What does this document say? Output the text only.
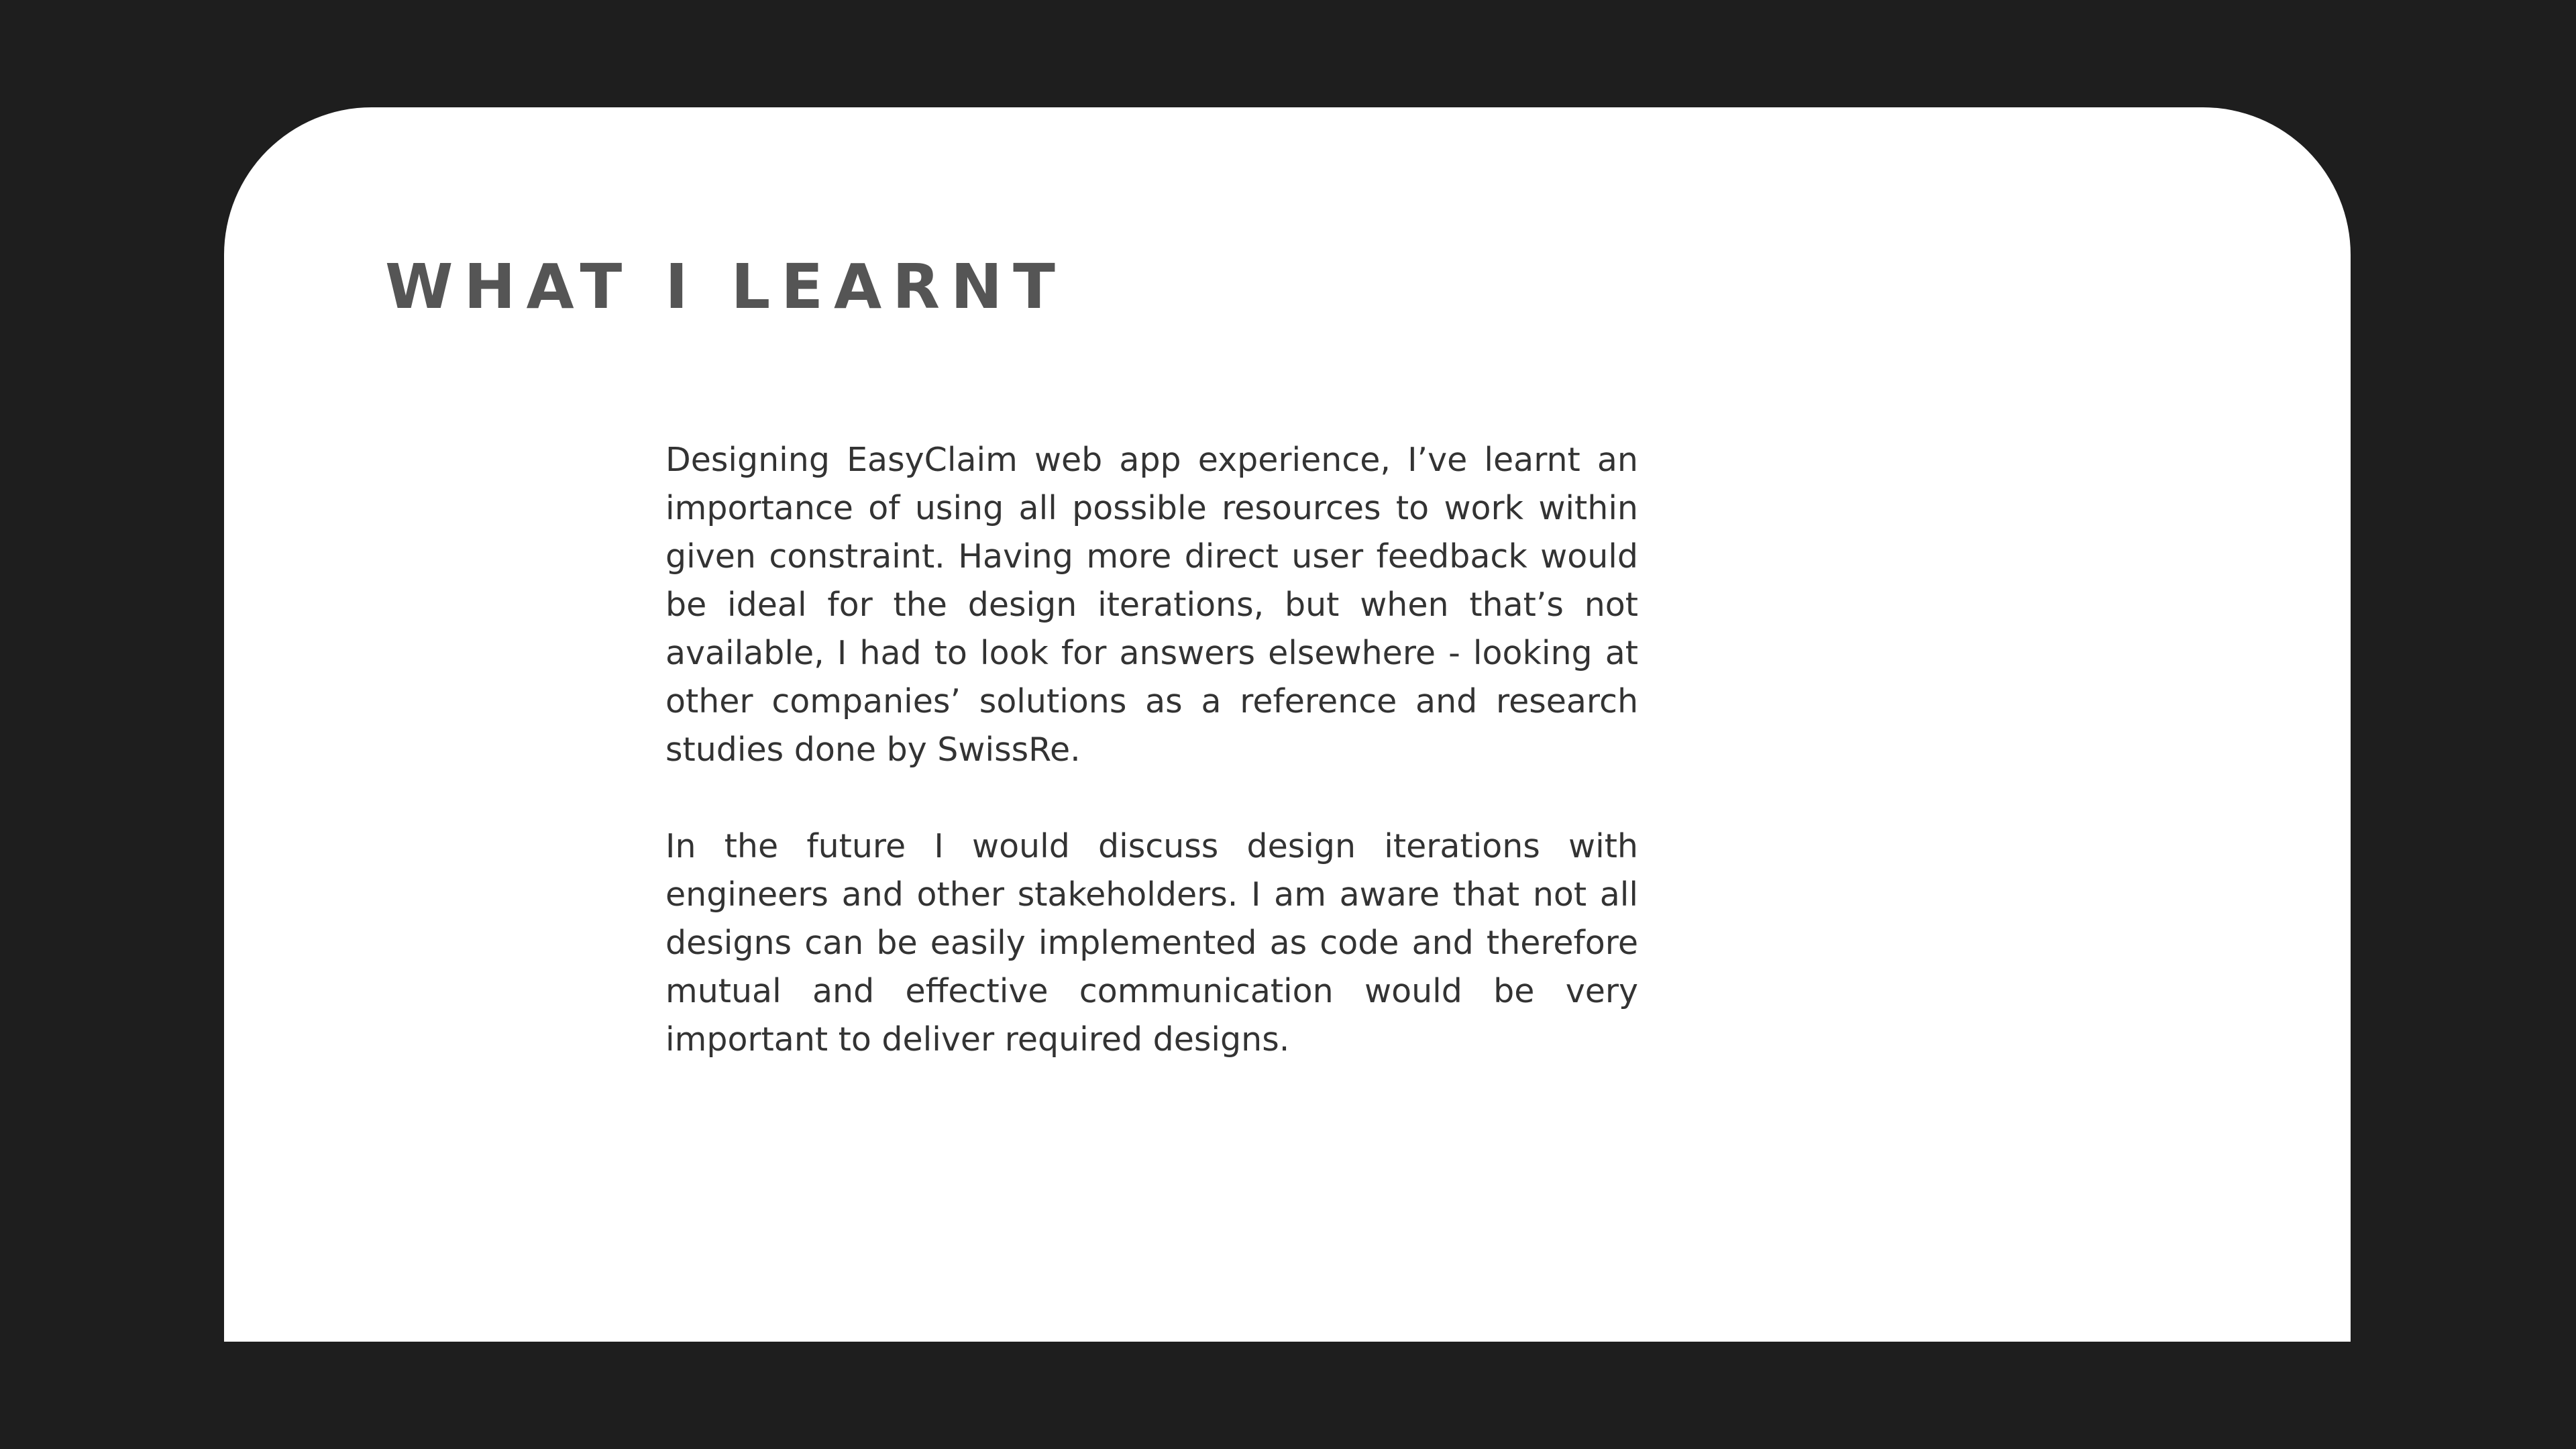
WHAT I LEARNT

Designing EasyClaim web app experience, I’ve learnt an importance of using all possible resources to work within given constraint. Having more direct user feedback would be ideal for the design iterations, but when that’s not available, I had to look for answers elsewhere - looking at other companies’ solutions as a reference and research studies done by SwissRe.

In the future I would discuss design iterations with engineers and other stakeholders. I am aware that not all designs can be easily implemented as code and therefore mutual and effective communication would be very important to deliver required designs.
